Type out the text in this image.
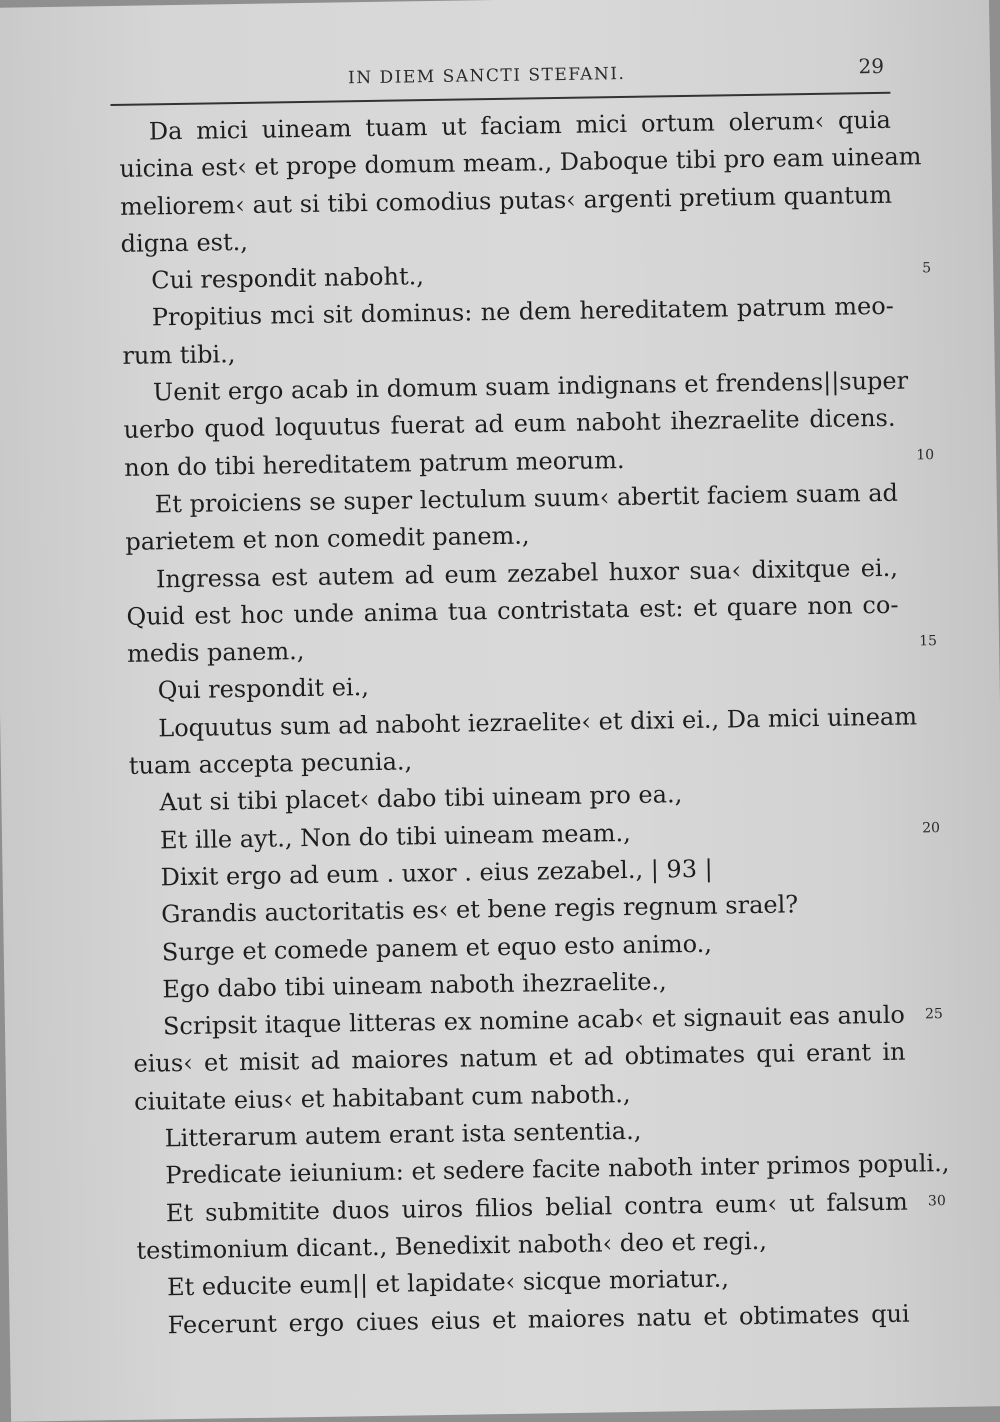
IN DIEM SANCTI STEFANI.	29
Da mici uineam tuam ut faciam mici ortum olerum‹ quia
uicina est‹ et prope domum meam., Daboque tibi pro eam uineam
meliorem‹ aut si tibi comodius putas‹ argenti pretium quantum
digna est.,
Cui respondit naboht.,	5
Propitius mci sit dominus: ne dem hereditatem patrum meo-
rum tibi.,
Uenit ergo acab in domum suam indignans et frendens||super
uerbo quod loquutus fuerat ad eum naboht ihezraelite dicens.
non do tibi hereditatem patrum meorum.	10
Et proiciens se super lectulum suum‹ abertit faciem suam ad
parietem et non comedit panem.,
Ingressa est autem ad eum zezabel huxor sua‹ dixitque ei.,
Quid est hoc unde anima tua contristata est: et quare non co-
medis panem.,	15
Qui respondit ei.,
Loquutus sum ad naboht iezraelite‹ et dixi ei., Da mici uineam
tuam accepta pecunia.,
Aut si tibi placet‹ dabo tibi uineam pro ea.,
Et ille ayt., Non do tibi uineam meam.,	20
Dixit ergo ad eum . uxor . eius zezabel., | 93 |
Grandis auctoritatis es‹ et bene regis regnum srael?
Surge et comede panem et equo esto animo.,
Ego dabo tibi uineam naboth ihezraelite.,
Scripsit itaque litteras ex nomine acab‹ et signauit eas anulo 25
eius‹ et misit ad maiores natum et ad obtimates qui erant in
ciuitate eius‹ et habitabant cum naboth.,
Litterarum autem erant ista sententia.,
Predicate ieiunium: et sedere facite naboth inter primos populi.,
Et submitite duos uiros filios belial contra eum‹ ut falsum 30
testimonium dicant., Benedixit naboth‹ deo et regi.,
Et educite eum|| et lapidate‹ sicque moriatur.,
Fecerunt ergo ciues eius et maiores natu et obtimates qui
